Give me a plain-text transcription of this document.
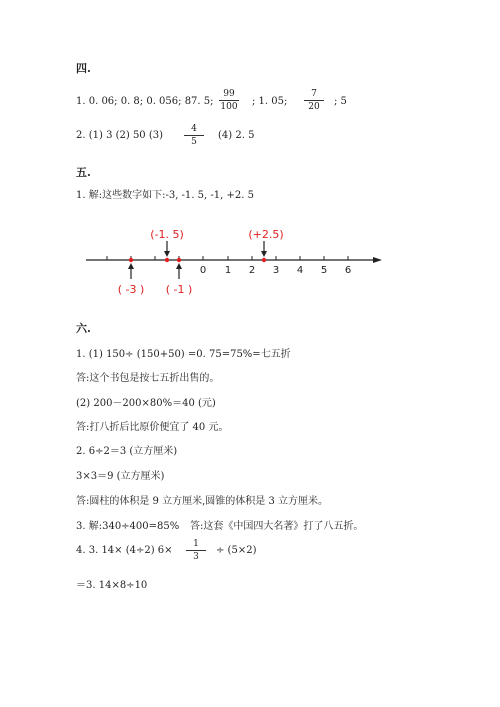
四.
1. 0. 06; 0. 8; 0. 056; 87. 5;
99
100	; 1. 05;
7
20	; 5
2. (1) 3 (2) 50 (3)
4
5
(4) 2. 5
五.
1. 解:这些数字如下:-3, -1. 5, -1, +2. 5
0 1 2 3 4 5 6
(-1. 5)	(+2.5)
( -3 ) ( -1 )
六.
1. (1) 150÷ (150+50) =0. 75=75%=七五折
答:这个书包是按七五折出售的。
(2) 200－200×80%＝40 (元)
答:打八折后比原价便宜了 40 元。
2. 6÷2＝3 (立方厘米)
3×3＝9 (立方厘米)
答:圆柱的体积是 9 立方厘米,圆锥的体积是 3 立方厘米。
3. 解:340÷400=85% 答:这套《中国四大名著》打了八五折。
4. 3. 14× (4÷2) 6×
1
3
÷ (5×2)
＝3. 14×8÷10
